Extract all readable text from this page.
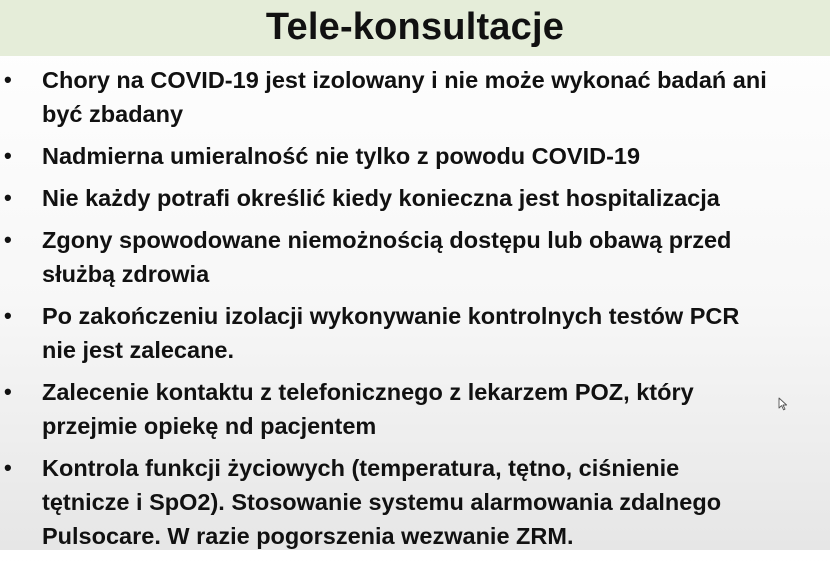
Tele-konsultacje
• Chory na COVID-19 jest izolowany i nie może wykonać badań ani
być zbadany
• Nadmierna umieralność nie tylko z powodu COVID-19
• Nie każdy potrafi określić kiedy konieczna jest hospitalizacja
• Zgony spowodowane niemożnością dostępu lub obawą przed
służbą zdrowia
• Po zakończeniu izolacji wykonywanie kontrolnych testów PCR
nie jest zalecane.
• Zalecenie kontaktu z telefonicznego z lekarzem POZ, który
przejmie opiekę nd pacjentem
• Kontrola funkcji życiowych (temperatura, tętno, ciśnienie
tętnicze i SpO2). Stosowanie systemu alarmowania zdalnego
Pulsocare. W razie pogorszenia wezwanie ZRM.
